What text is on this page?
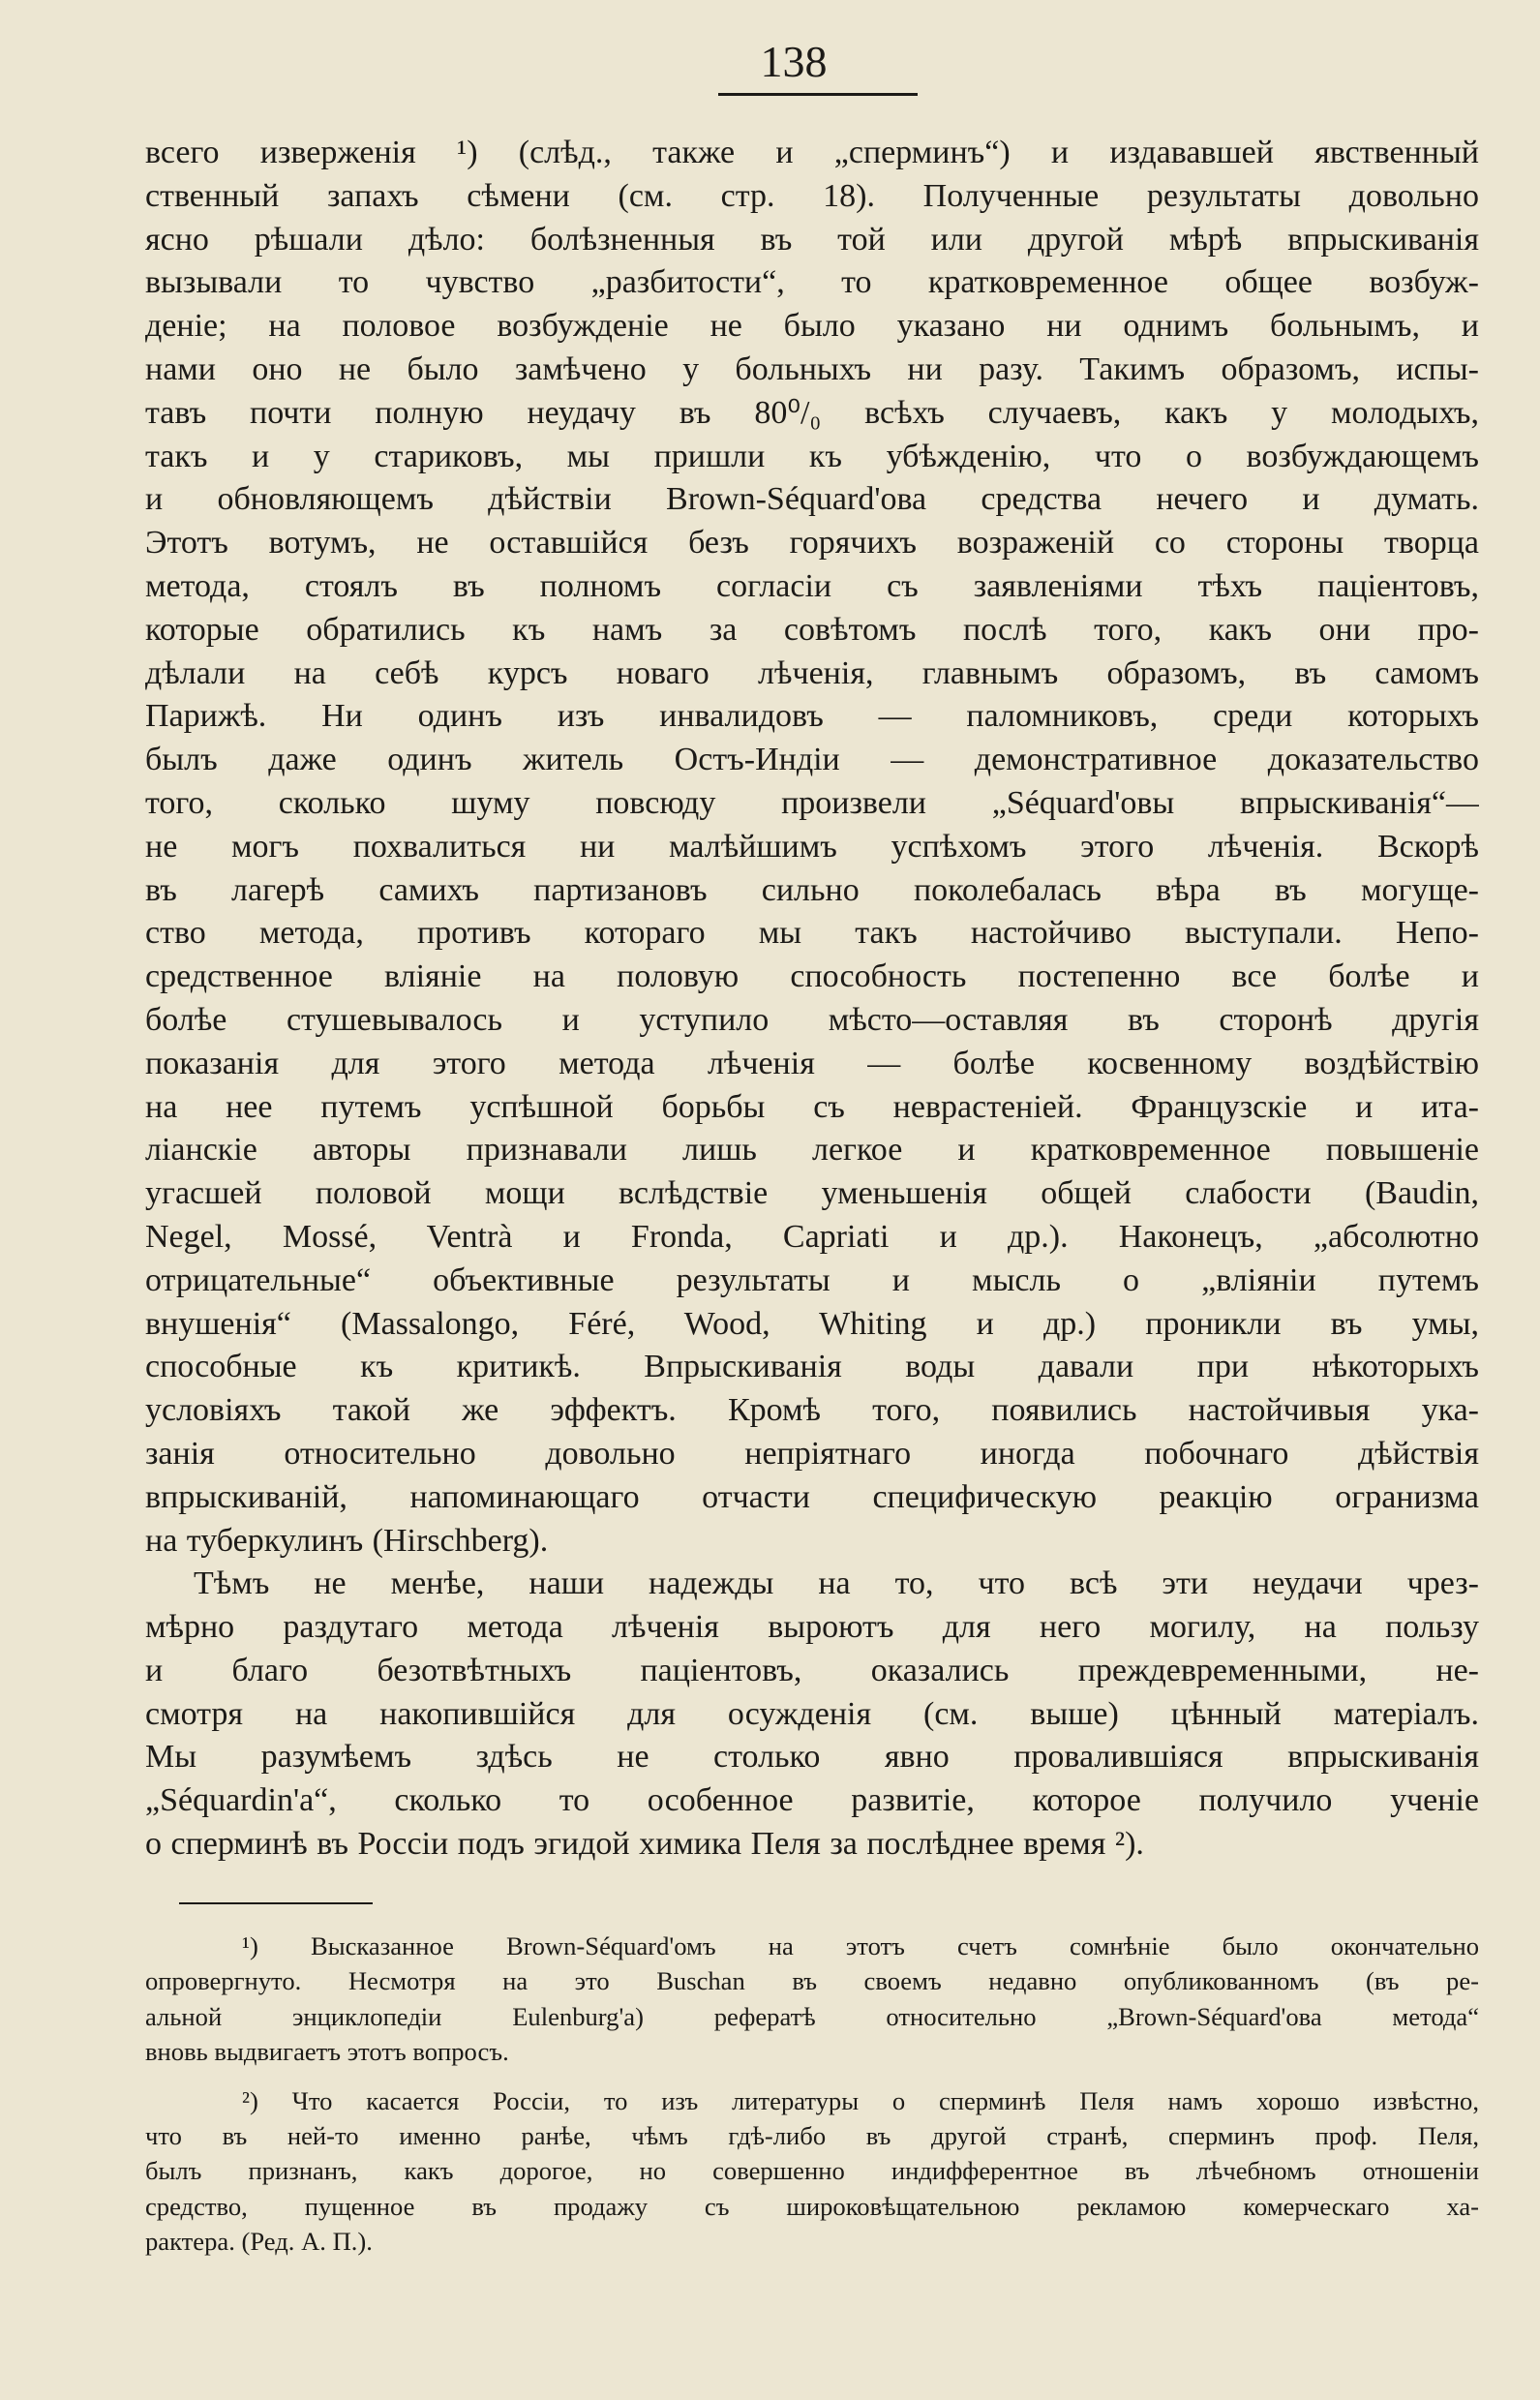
138
всего изверженія ¹) (слѣд., также и „сперминъ“) и издававшей явственный
ственный запахъ сѣмени (см. стр. 18). Полученные результаты довольно
ясно рѣшали дѣло: болѣзненныя въ той или другой мѣрѣ впрыскиванія
вызывали то чувство „разбитости“, то кратковременное общее возбуж-
деніе; на половое возбужденіе не было указано ни однимъ больнымъ, и
нами оно не было замѣчено у больныхъ ни разу. Такимъ образомъ, испы-
тавъ почти полную неудачу въ 80⁰/₀ всѣхъ случаевъ, какъ у молодыхъ,
такъ и у стариковъ, мы пришли къ убѣжденію, что о возбуждающемъ
и обновляющемъ дѣйствіи Brown-Séquard'ова средства нечего и думать.
Этотъ вотумъ, не оставшійся безъ горячихъ возраженій со стороны творца
метода, стоялъ въ полномъ согласіи съ заявленіями тѣхъ паціентовъ,
которые обратились къ намъ за совѣтомъ послѣ того, какъ они про-
дѣлали на себѣ курсъ новаго лѣченія, главнымъ образомъ, въ самомъ
Парижѣ. Ни одинъ изъ инвалидовъ — паломниковъ, среди которыхъ
былъ даже одинъ житель Остъ-Индіи — демонстративное доказательство
того, сколько шуму повсюду произвели „Séquard'овы впрыскиванія“—
не могъ похвалиться ни малѣйшимъ успѣхомъ этого лѣченія. Вскорѣ
въ лагерѣ самихъ партизановъ сильно поколебалась вѣра въ могуще-
ство метода, противъ котораго мы такъ настойчиво выступали. Непо-
средственное вліяніе на половую способность постепенно все болѣе и
болѣе стушевывалось и уступило мѣсто—оставляя въ сторонѣ другія
показанія для этого метода лѣченія — болѣе косвенному воздѣйствію
на нее путемъ успѣшной борьбы съ неврастеніей. Французскіе и ита-
ліанскіе авторы признавали лишь легкое и кратковременное повышеніе
угасшей половой мощи вслѣдствіе уменьшенія общей слабости (Baudin,
Negel, Mossé, Ventrà и Fronda, Capriati и др.). Наконецъ, „абсолютно
отрицательные“ объективные результаты и мысль о „вліяніи путемъ
внушенія“ (Massalongo, Féré, Wood, Whiting и др.) проникли въ умы,
способные къ критикѣ. Впрыскиванія воды давали при нѣкоторыхъ
условіяхъ такой же эффектъ. Кромѣ того, появились настойчивыя ука-
занія относительно довольно непріятнаго иногда побочнаго дѣйствія
впрыскиваній, напоминающаго отчасти специфическую реакцію огранизма
на туберкулинъ (Hirschberg).
Тѣмъ не менѣе, наши надежды на то, что всѣ эти неудачи чрез-
мѣрно раздутаго метода лѣченія выроютъ для него могилу, на пользу
и благо безотвѣтныхъ паціентовъ, оказались преждевременными, не-
смотря на накопившійся для осужденія (см. выше) цѣнный матеріалъ.
Мы разумѣемъ здѣсь не столько явно провалившіяся впрыскиванія
„Séquardin'a“, сколько то особенное развитіе, которое получило ученіе
о сперминѣ въ Россіи подъ эгидой химика Пеля за послѣднее время ²).
¹) Высказанное Brown-Séquard'омъ на этотъ счетъ сомнѣніе было окончательно
опровергнуто. Несмотря на это Buschan въ своемъ недавно опубликованномъ (въ ре-
альной энциклопедіи Eulenburg'a) рефератѣ относительно „Brown-Séquard'ова метода“
вновь выдвигаетъ этотъ вопросъ.
²) Что касается Россіи, то изъ литературы о сперминѣ Пеля намъ хорошо извѣстно,
что въ ней-то именно ранѣе, чѣмъ гдѣ-либо въ другой странѣ, сперминъ проф. Пеля,
былъ признанъ, какъ дорогое, но совершенно индифферентное въ лѣчебномъ отношеніи
средство, пущенное въ продажу съ широковѣщательною рекламою комерческаго ха-
рактера. (Ред. А. П.).
